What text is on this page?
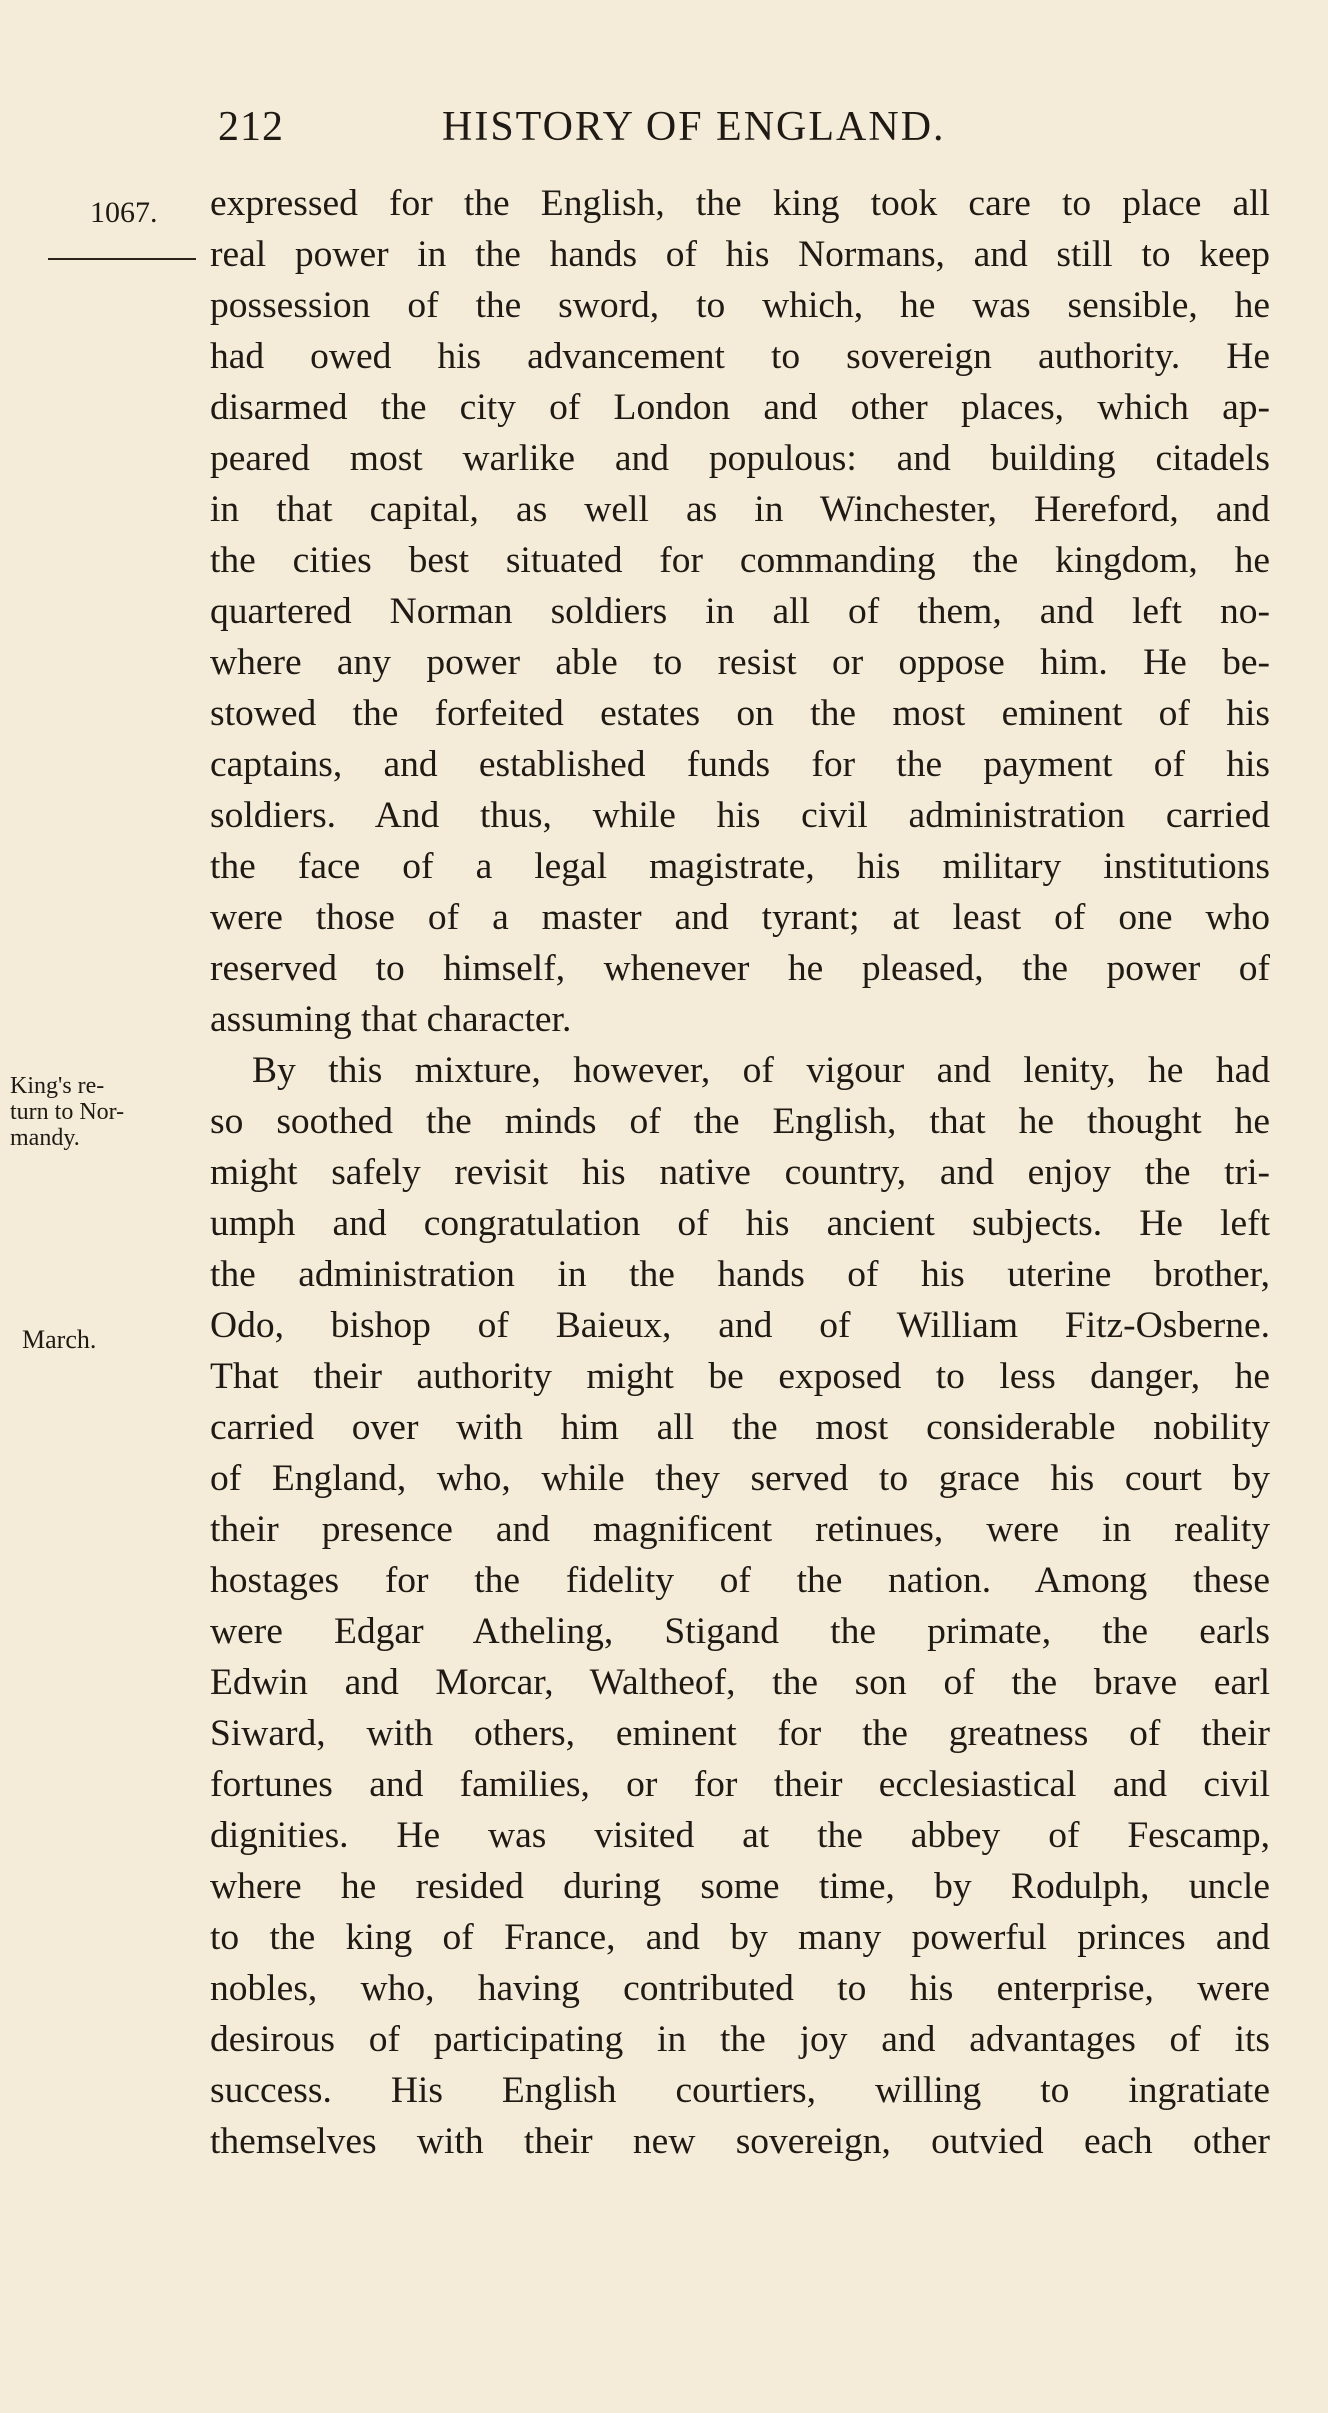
212	HISTORY OF ENGLAND.
1067.
King's re-
turn to Nor-
mandy.
March.
expressed for the English, the king took care to place all
real power in the hands of his Normans, and still to keep
possession of the sword, to which, he was sensible, he
had owed his advancement to sovereign authority. He
disarmed the city of London and other places, which ap-
peared most warlike and populous: and building citadels
in that capital, as well as in Winchester, Hereford, and
the cities best situated for commanding the kingdom, he
quartered Norman soldiers in all of them, and left no-
where any power able to resist or oppose him. He be-
stowed the forfeited estates on the most eminent of his
captains, and established funds for the payment of his
soldiers. And thus, while his civil administration carried
the face of a legal magistrate, his military institutions
were those of a master and tyrant; at least of one who
reserved to himself, whenever he pleased, the power of
assuming that character.
By this mixture, however, of vigour and lenity, he had
so soothed the minds of the English, that he thought he
might safely revisit his native country, and enjoy the tri-
umph and congratulation of his ancient subjects. He left
the administration in the hands of his uterine brother,
Odo, bishop of Baieux, and of William Fitz-Osberne.
That their authority might be exposed to less danger, he
carried over with him all the most considerable nobility
of England, who, while they served to grace his court by
their presence and magnificent retinues, were in reality
hostages for the fidelity of the nation. Among these
were Edgar Atheling, Stigand the primate, the earls
Edwin and Morcar, Waltheof, the son of the brave earl
Siward, with others, eminent for the greatness of their
fortunes and families, or for their ecclesiastical and civil
dignities. He was visited at the abbey of Fescamp,
where he resided during some time, by Rodulph, uncle
to the king of France, and by many powerful princes and
nobles, who, having contributed to his enterprise, were
desirous of participating in the joy and advantages of its
success. His English courtiers, willing to ingratiate
themselves with their new sovereign, outvied each other
